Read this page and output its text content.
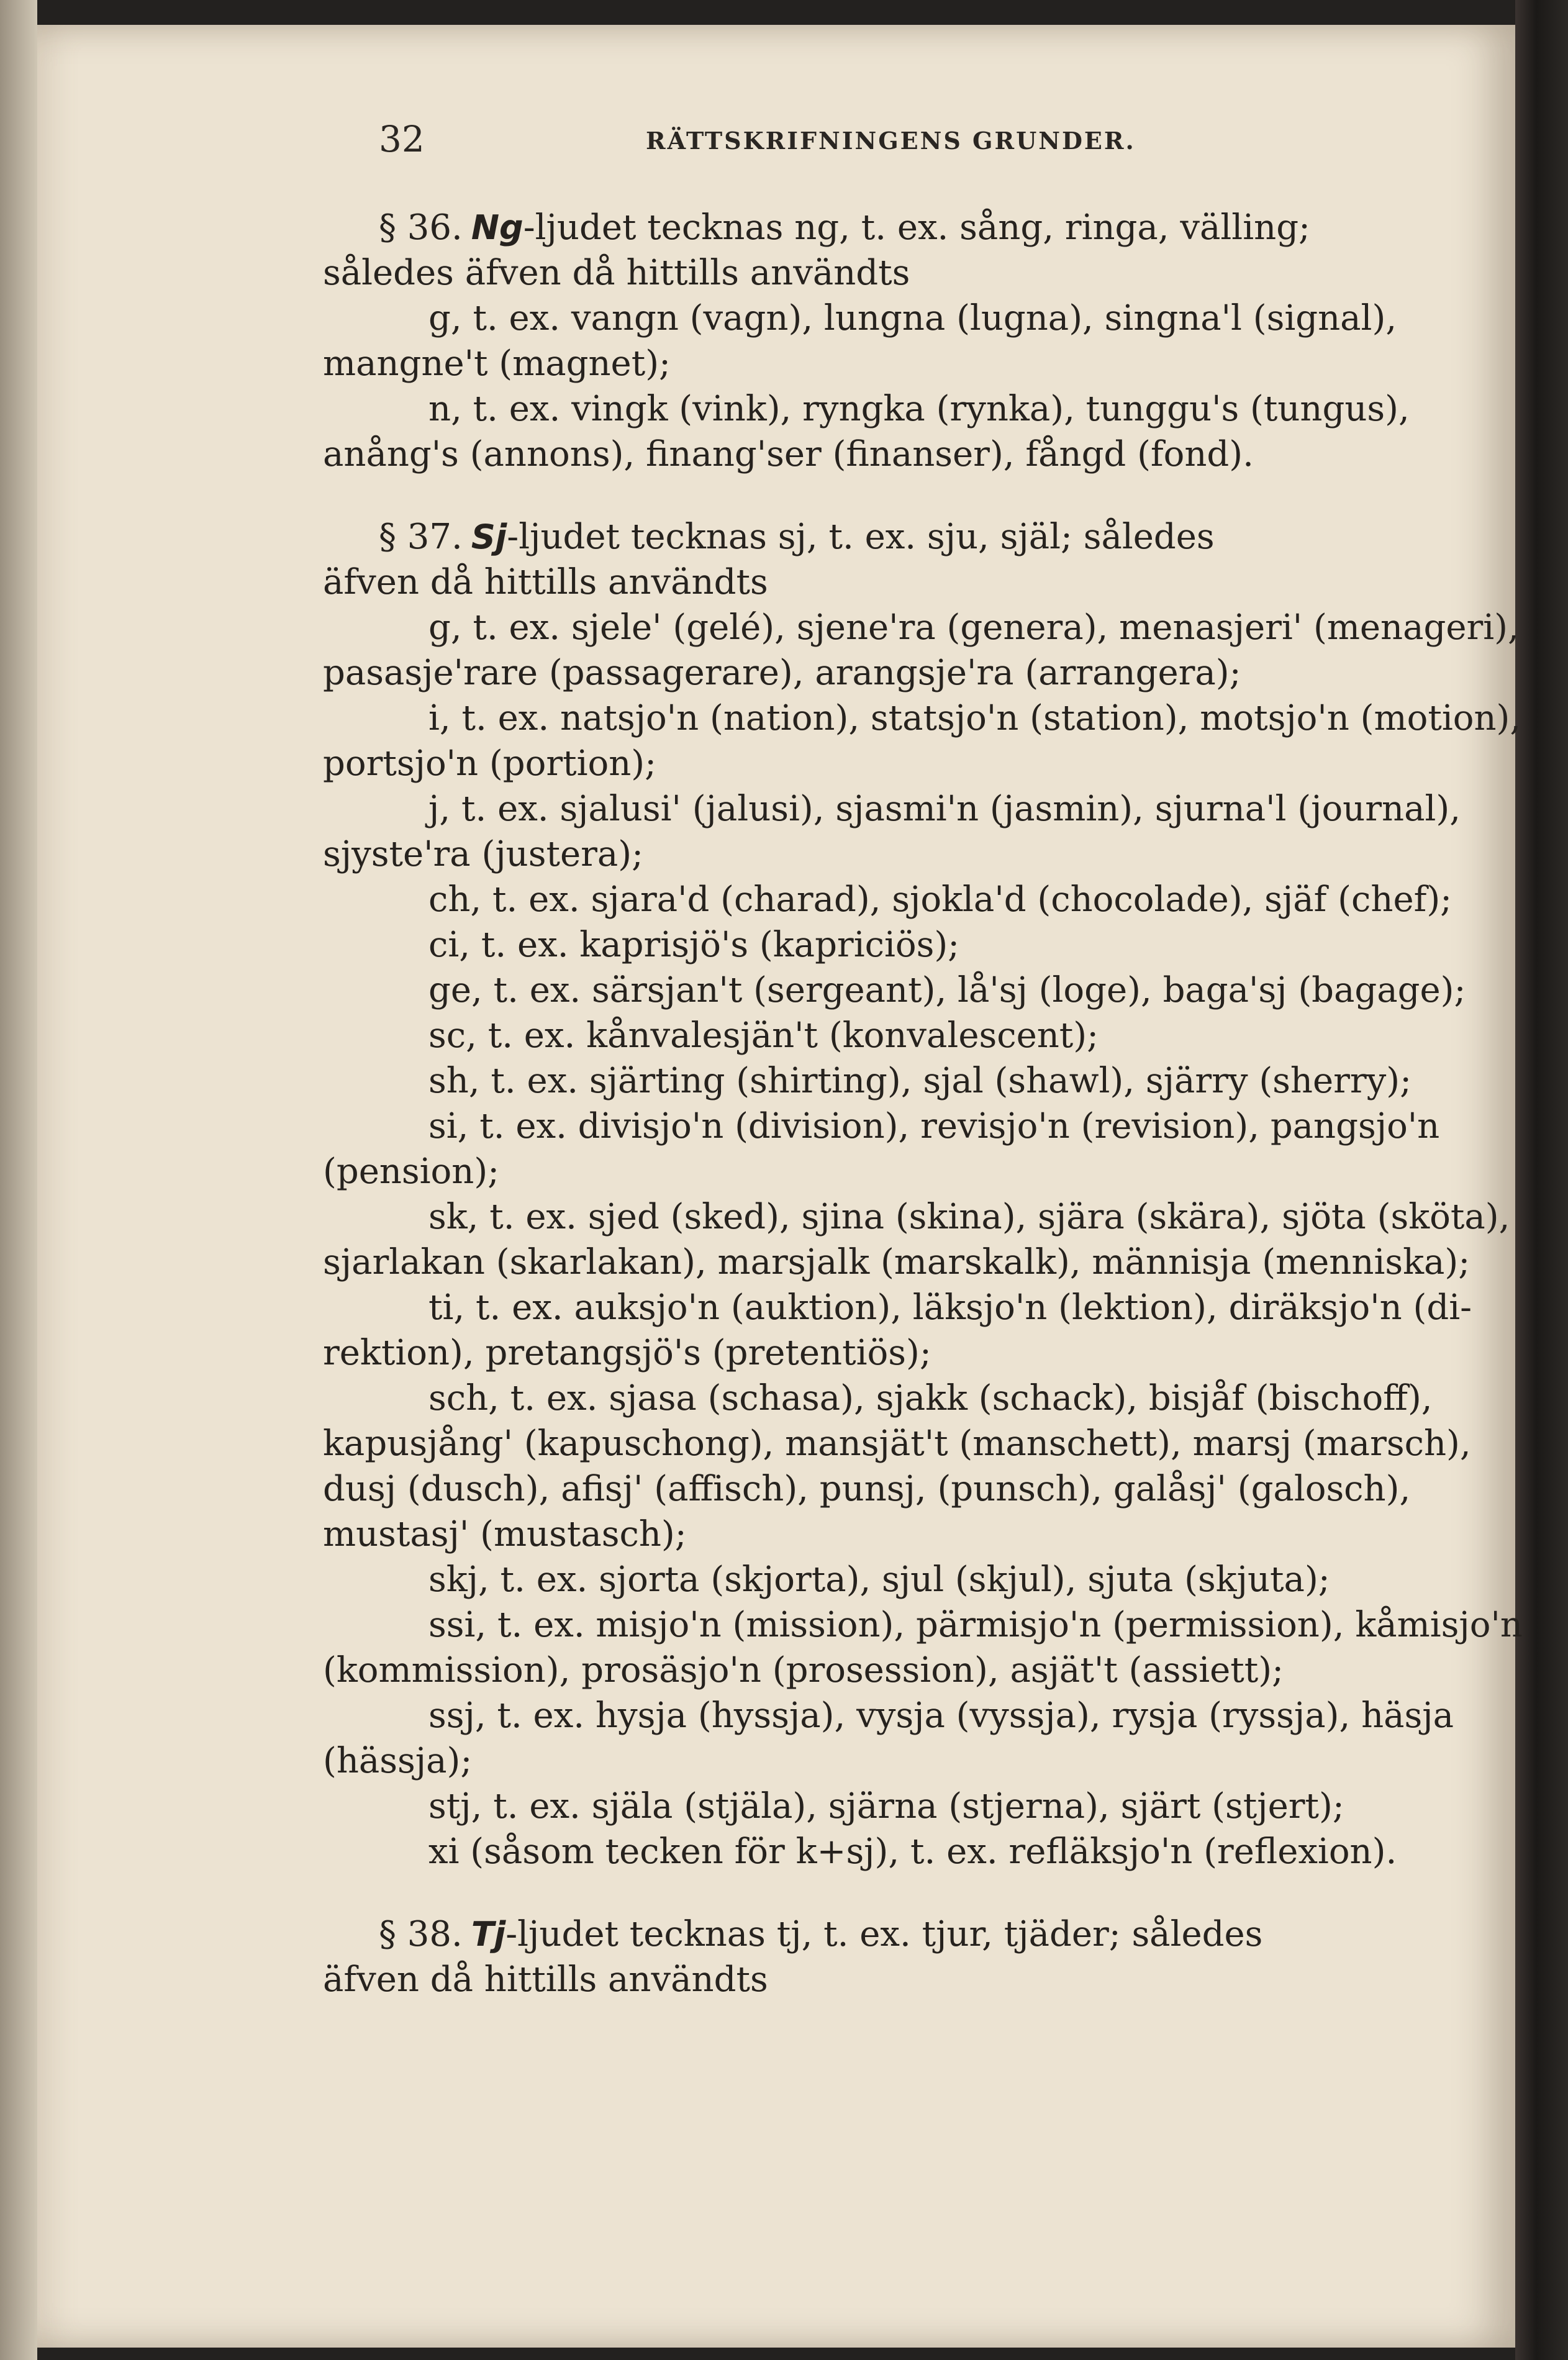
32	RÄTTSKRIFNINGENS GRUNDER.
§ 36. Ng-ljudet tecknas ng, t. ex. sång, ringa, välling;
således äfven då hittills användts
g, t. ex. vangn (vagn), lungna (lugna), singna'l (signal),
mangne't (magnet);
n, t. ex. vingk (vink), ryngka (rynka), tunggu's (tungus),
anång's (annons), finang'ser (finanser), fångd (fond).
§ 37. Sj-ljudet tecknas sj, t. ex. sju, själ; således
äfven då hittills användts
g, t. ex. sjele' (gelé), sjene'ra (genera), menasjeri' (menageri),
pasasje'rare (passagerare), arangsje'ra (arrangera);
i, t. ex. natsjo'n (nation), statsjo'n (station), motsjo'n (motion),
portsjo'n (portion);
j, t. ex. sjalusi' (jalusi), sjasmi'n (jasmin), sjurna'l (journal),
sjyste'ra (justera);
ch, t. ex. sjara'd (charad), sjokla'd (chocolade), sjäf (chef);
ci, t. ex. kaprisjö's (kapriciös);
ge, t. ex. särsjan't (sergeant), lå'sj (loge), baga'sj (bagage);
sc, t. ex. kånvalesjän't (konvalescent);
sh, t. ex. sjärting (shirting), sjal (shawl), sjärry (sherry);
si, t. ex. divisjo'n (division), revisjo'n (revision), pangsjo'n
(pension);
sk, t. ex. sjed (sked), sjina (skina), sjära (skära), sjöta (sköta),
sjarlakan (skarlakan), marsjalk (marskalk), männisja (menniska);
ti, t. ex. auksjo'n (auktion), läksjo'n (lektion), diräksjo'n (di-
rektion), pretangsjö's (pretentiös);
sch, t. ex. sjasa (schasa), sjakk (schack), bisjåf (bischoff),
kapusjång' (kapuschong), mansjät't (manschett), marsj (marsch),
dusj (dusch), afisj' (affisch), punsj, (punsch), galåsj' (galosch),
mustasj' (mustasch);
skj, t. ex. sjorta (skjorta), sjul (skjul), sjuta (skjuta);
ssi, t. ex. misjo'n (mission), pärmisjo'n (permission), kåmisjo'n
(kommission), prosäsjo'n (prosession), asjät't (assiett);
ssj, t. ex. hysja (hyssja), vysja (vyssja), rysja (ryssja), häsja
(hässja);
stj, t. ex. själa (stjäla), sjärna (stjerna), sjärt (stjert);
xi (såsom tecken för k+sj), t. ex. refläksjo'n (reflexion).
§ 38. Tj-ljudet tecknas tj, t. ex. tjur, tjäder; således
äfven då hittills användts
